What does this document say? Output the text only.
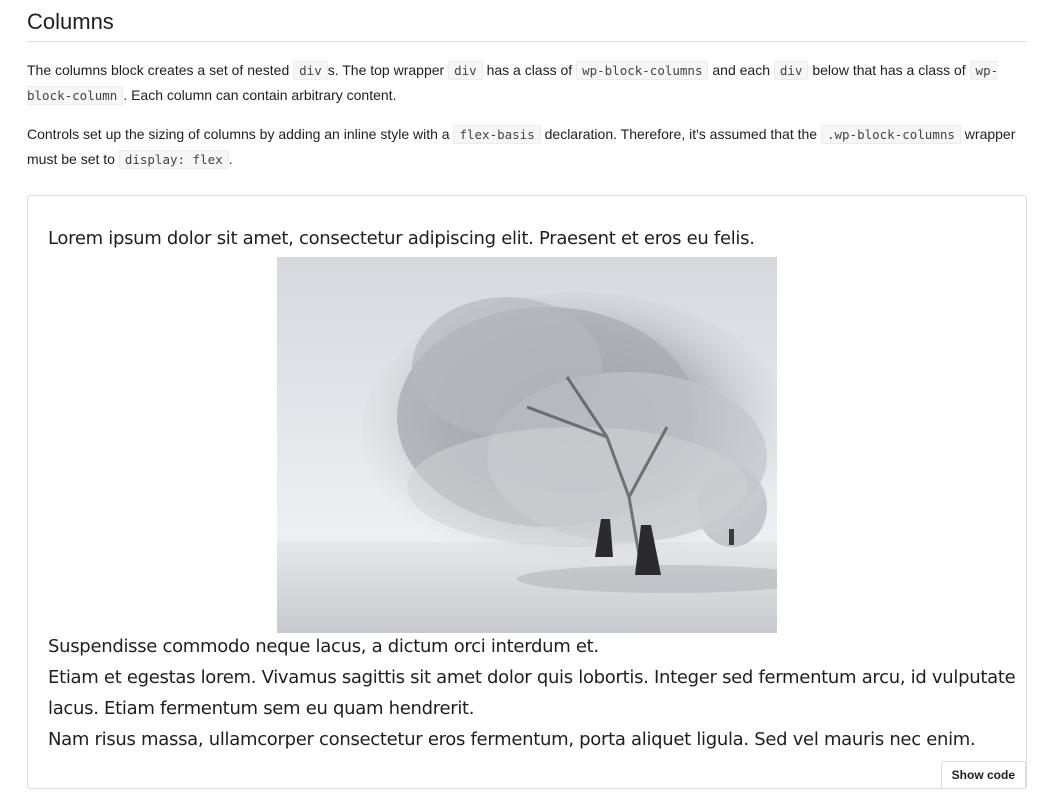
Columns

The columns block creates a set of nested div s. The top wrapper div has a class of wp-block-columns and each div below that has a class of wp-block-column . Each column can contain arbitrary content.

Controls set up the sizing of columns by adding an inline style with a flex-basis declaration. Therefore, it's assumed that the .wp-block-columns wrapper must be set to display: flex .

Lorem ipsum dolor sit amet, consectetur adipiscing elit. Praesent et eros eu felis.

Suspendisse commodo neque lacus, a dictum orci interdum et.

Etiam et egestas lorem. Vivamus sagittis sit amet dolor quis lobortis. Integer sed fermentum arcu, id vulputate

lacus. Etiam fermentum sem eu quam hendrerit.

Nam risus massa, ullamcorper consectetur eros fermentum, porta aliquet ligula. Sed vel mauris nec enim.

Show code
